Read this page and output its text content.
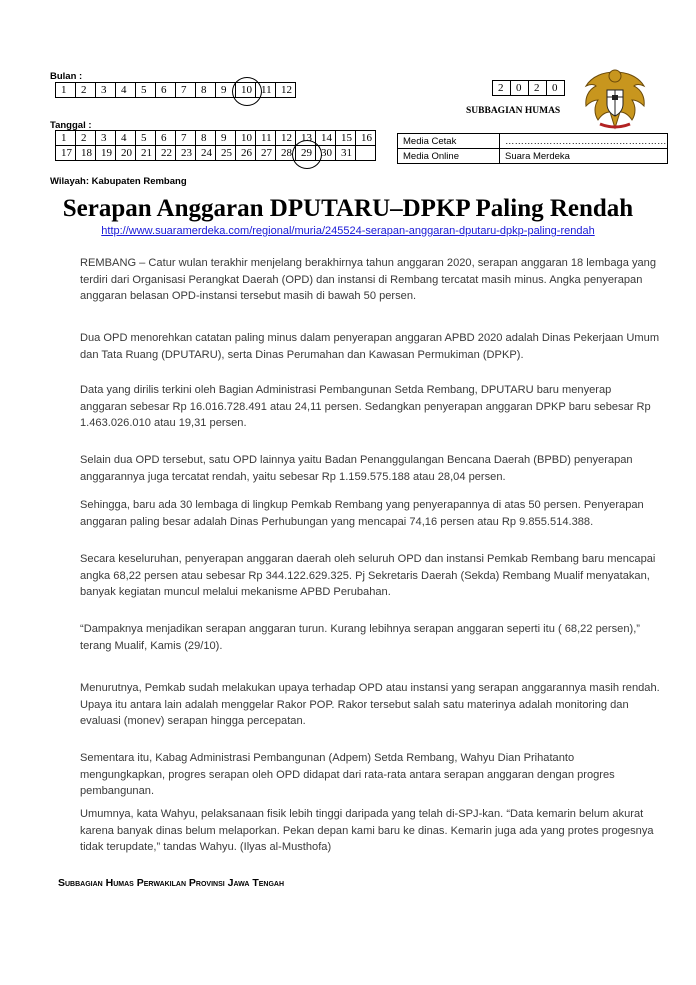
Bulan :
1	2	3	4	5	6	7	8	9	10	11	12
Tanggal :
1	2	3	4	5	6	7	8	9	10	11	12	13	14	15	16
17	18	19	20	21	22	23	24	25	26	27	28	29	30	31	
Wilayah: Kabupaten Rembang
2	0	2	0
SUBBAGIAN HUMAS
Media Cetak	……………………………………………
Media Online	Suara Merdeka
Serapan Anggaran DPUTARU–DPKP Paling Rendah
http://www.suaramerdeka.com/regional/muria/245524-serapan-anggaran-dputaru-dpkp-paling-rendah

REMBANG – Catur wulan terakhir menjelang berakhirnya tahun anggaran 2020, serapan anggaran 18 lembaga yang terdiri dari Organisasi Perangkat Daerah (OPD) dan instansi di Rembang tercatat masih minus. Angka penyerapan anggaran belasan OPD-instansi tersebut masih di bawah 50 persen.

Dua OPD menorehkan catatan paling minus dalam penyerapan anggaran APBD 2020 adalah Dinas Pekerjaan Umum dan Tata Ruang (DPUTARU), serta Dinas Perumahan dan Kawasan Permukiman (DPKP).

Data yang dirilis terkini oleh Bagian Administrasi Pembangunan Setda Rembang, DPUTARU baru menyerap anggaran sebesar Rp 16.016.728.491 atau 24,11 persen. Sedangkan penyerapan anggaran DPKP baru sebesar Rp 1.463.026.010 atau 19,31 persen.

Selain dua OPD tersebut, satu OPD lainnya yaitu Badan Penanggulangan Bencana Daerah (BPBD) penyerapan anggarannya juga tercatat rendah, yaitu sebesar Rp 1.159.575.188 atau 28,04 persen.

Sehingga, baru ada 30 lembaga di lingkup Pemkab Rembang yang penyerapannya di atas 50 persen. Penyerapan anggaran paling besar adalah Dinas Perhubungan yang mencapai 74,16 persen atau Rp 9.855.514.388.

Secara keseluruhan, penyerapan anggaran daerah oleh seluruh OPD dan instansi Pemkab Rembang baru mencapai angka 68,22 persen atau sebesar Rp 344.122.629.325. Pj Sekretaris Daerah (Sekda) Rembang Mualif menyatakan, banyak kegiatan muncul melalui mekanisme APBD Perubahan.

“Dampaknya menjadikan serapan anggaran turun. Kurang lebihnya serapan anggaran seperti itu ( 68,22 persen),” terang Mualif, Kamis (29/10).

Menurutnya, Pemkab sudah melakukan upaya terhadap OPD atau instansi yang serapan anggarannya masih rendah. Upaya itu antara lain adalah menggelar Rakor POP. Rakor tersebut salah satu materinya adalah monitoring dan evaluasi (monev) serapan hingga percepatan.

Sementara itu, Kabag Administrasi Pembangunan (Adpem) Setda Rembang, Wahyu Dian Prihatanto mengungkapkan, progres serapan oleh OPD didapat dari rata-rata antara serapan anggaran dengan progres pembangunan.

Umumnya, kata Wahyu, pelaksanaan fisik lebih tinggi daripada yang telah di-SPJ-kan. “Data kemarin belum akurat karena banyak dinas belum melaporkan. Pekan depan kami baru ke dinas. Kemarin juga ada yang protes progesnya tidak terupdate,” tandas Wahyu. (Ilyas al-Musthofa)

Subbagian Humas Perwakilan Provinsi Jawa Tengah
